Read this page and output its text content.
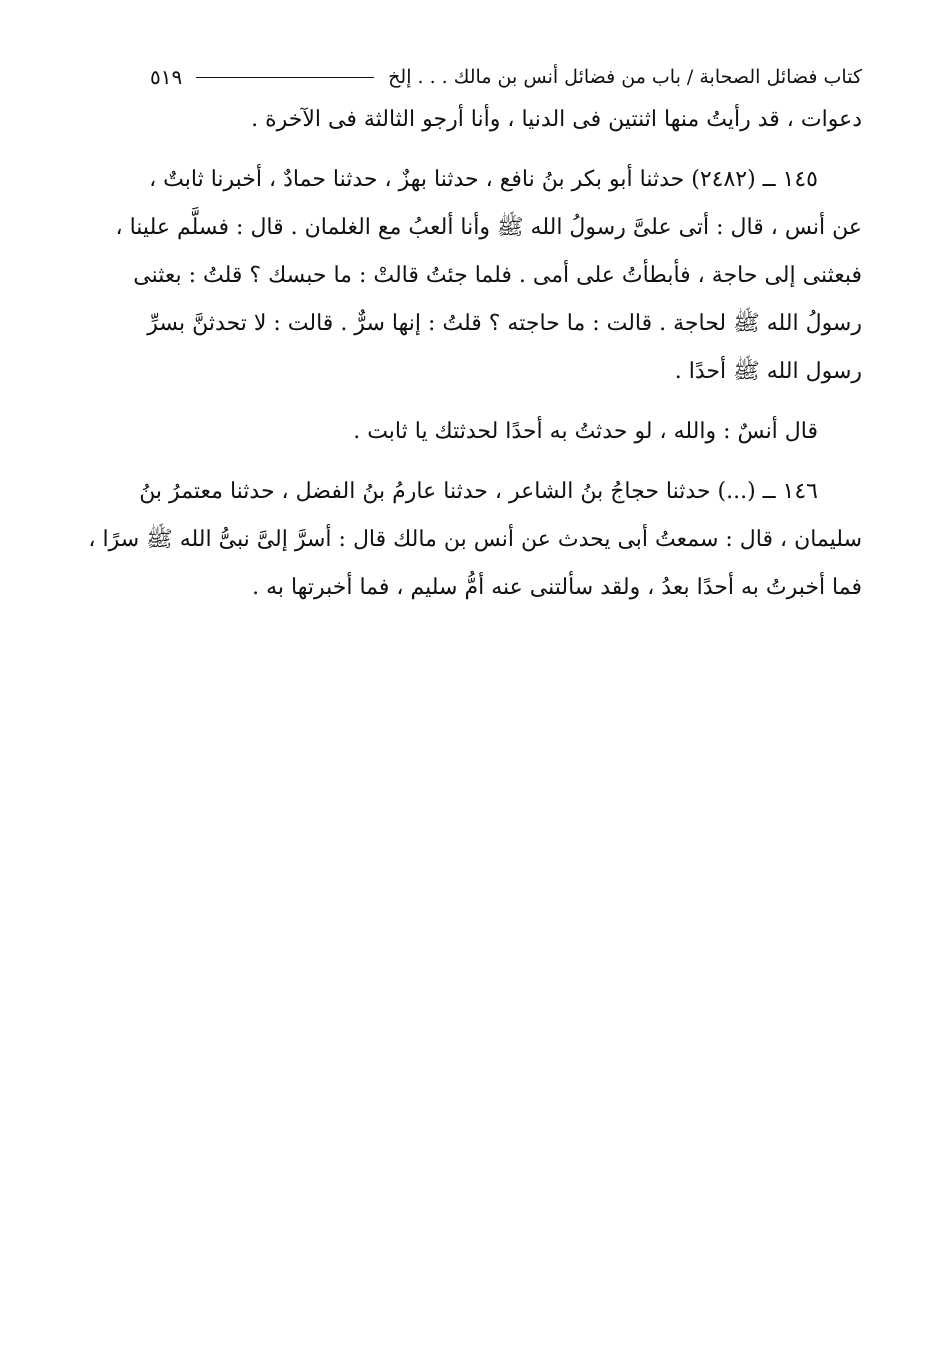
كتاب فضائل الصحابة / باب من فضائل أنس بن مالك . . . إلخ
٥١٩
دعوات ، قد رأيتُ منها اثنتين فى الدنيا ، وأنا أرجو الثالثة فى الآخرة .
١٤٥ ــ (٢٤٨٢) حدثنا أبو بكر بنُ نافع ، حدثنا بهزٌ ، حدثنا حمادٌ ، أخبرنا ثابتٌ ،
عن أنس ، قال : أتى علىَّ رسولُ الله ﷺ وأنا ألعبُ مع الغلمان . قال : فسلَّم علينا ،
فبعثنى إلى حاجة ، فأبطأتُ على أمى . فلما جئتُ قالتْ : ما حبسك ؟ قلتُ : بعثنى
رسولُ الله ﷺ لحاجة . قالت : ما حاجته ؟ قلتُ : إنها سرٌّ . قالت : لا تحدثنَّ بسرِّ
رسول الله ﷺ أحدًا .
قال أنسٌ : والله ، لو حدثتُ به أحدًا لحدثتك يا ثابت .
١٤٦ ــ (...) حدثنا حجاجُ بنُ الشاعر ، حدثنا عارمُ بنُ الفضل ، حدثنا معتمرُ بنُ
سليمان ، قال : سمعتُ أبى يحدث عن أنس بن مالك قال : أسرَّ إلىَّ نبىُّ الله ﷺ سرًا ،
فما أخبرتُ به أحدًا بعدُ ، ولقد سألتنى عنه أمُّ سليم ، فما أخبرتها به .
